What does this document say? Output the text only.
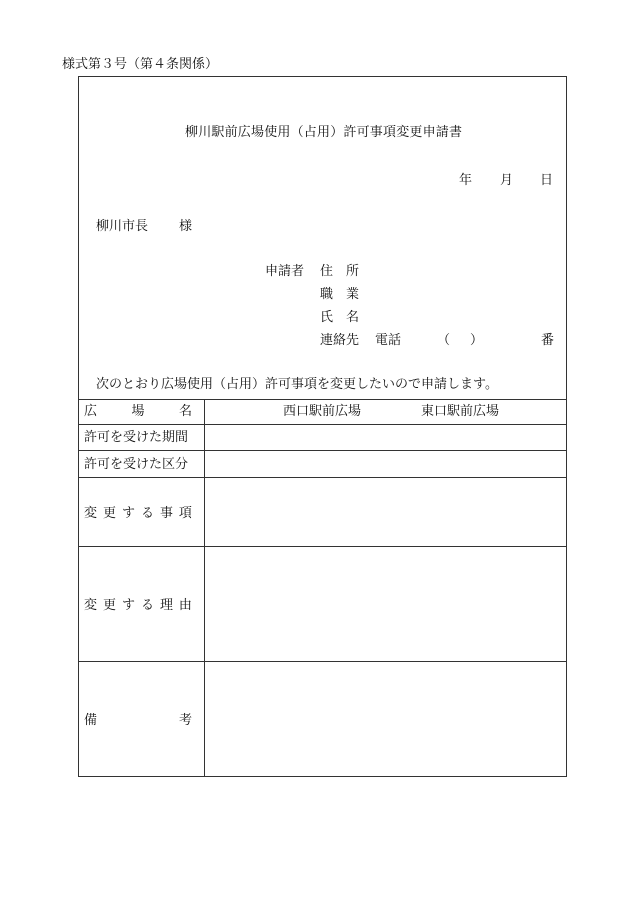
様式第３号（第４条関係）
柳川駅前広場使用（占用）許可事項変更申請書
年 月 日
柳川市長 様
申請者 住　所
職　業
氏　名
連絡先 電話	（ ）	番
次のとおり広場使用（占用）許可事項を変更したいので申請します。
広	場	名	西口駅前広場	東口駅前広場
許可を受けた期間
許可を受けた区分
変 更 す る 事 項
変 更 す る 理 由
備	考
